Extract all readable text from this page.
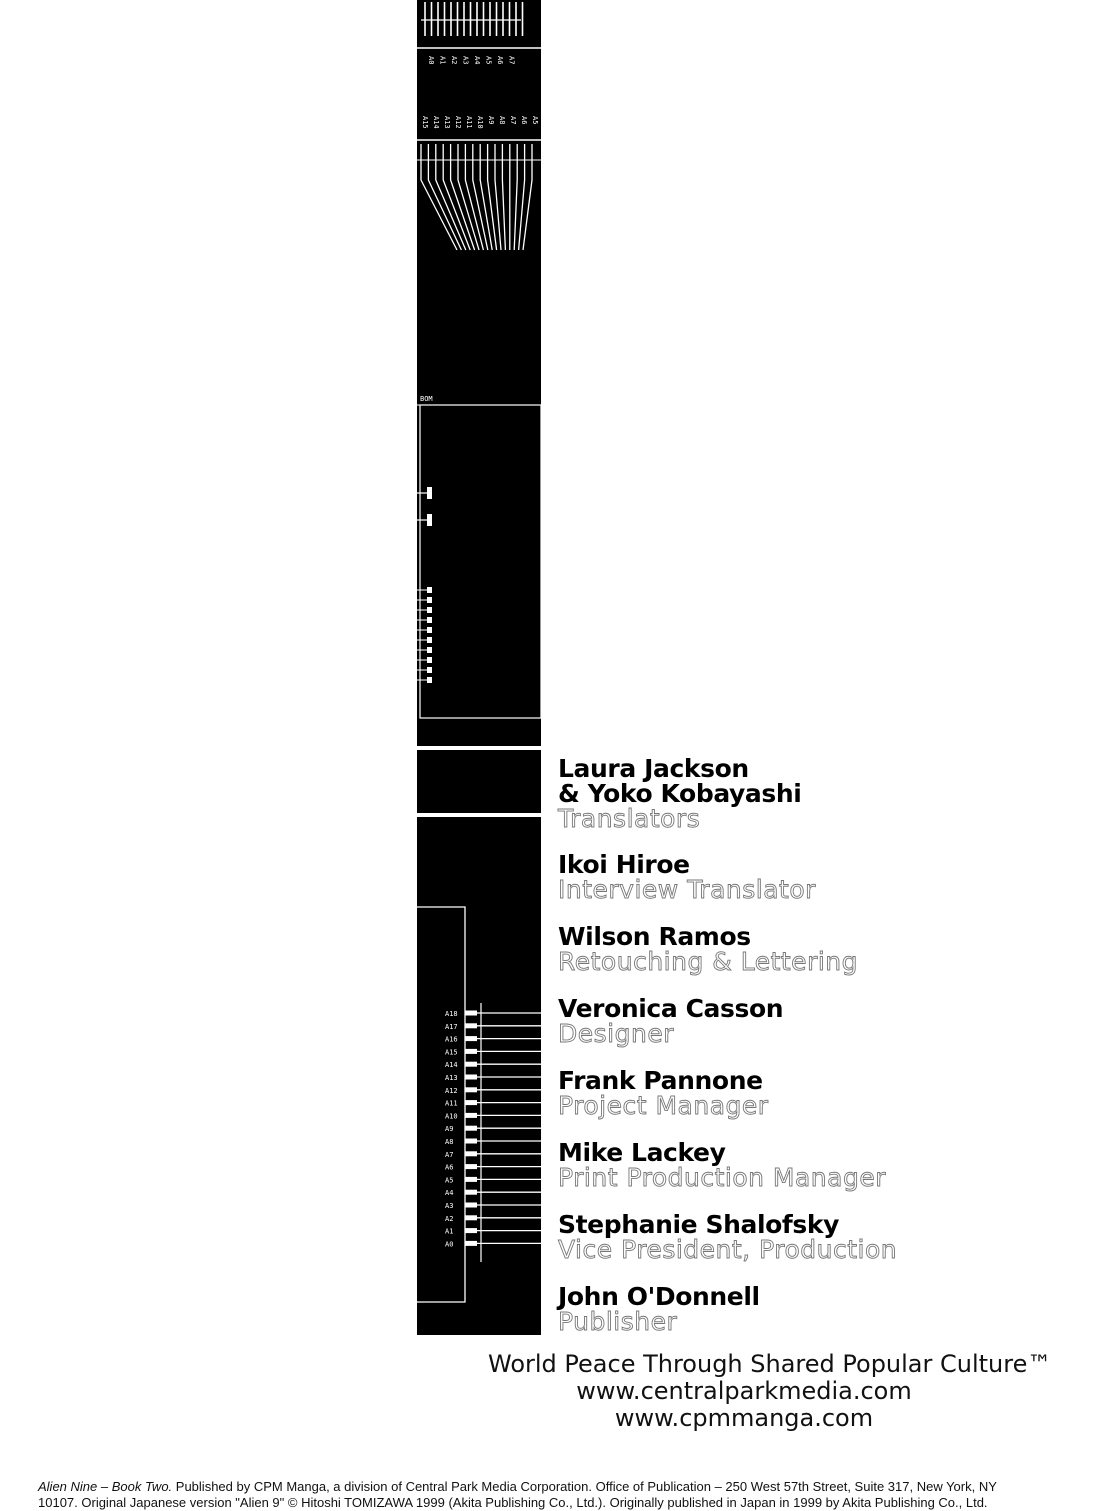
A0 A1 A2 A3 A4 A5 A6 A7
A15 A14 A13 A12 A11 A10 A9 A8 A7 A6 A5
BOM
A18
A17
A16
A15
A14
A13
A12
A11
A10
A9
A8
A7
A6
A5
A4
A3
A2
A1
A0
Laura Jackson
& Yoko Kobayashi
Translators
Ikoi Hiroe
Interview Translator
Wilson Ramos
Retouching & Lettering
Veronica Casson
Designer
Frank Pannone
Project Manager
Mike Lackey
Print Production Manager
Stephanie Shalofsky
Vice President, Production
John O'Donnell
Publisher
World Peace Through Shared Popular Culture™
www.centralparkmedia.com
www.cpmmanga.com
Alien Nine – Book Two. Published by CPM Manga, a division of Central Park Media Corporation. Office of Publication – 250 West 57th Street, Suite 317, New York, NY
10107. Original Japanese version "Alien 9" © Hitoshi TOMIZAWA 1999 (Akita Publishing Co., Ltd.). Originally published in Japan in 1999 by Akita Publishing Co., Ltd.
